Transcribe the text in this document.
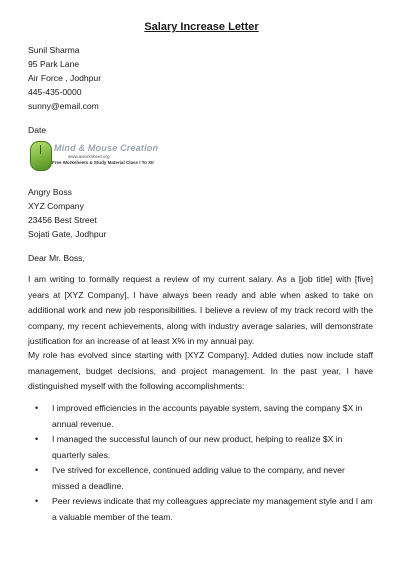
Salary Increase Letter
Sunil Sharma
95 Park Lane
Air Force , Jodhpur
445-435-0000
sunny@email.com
Date
Mind & Mouse Creation
www.aworksheet.org
Free Worksheets & Study Material Class I To XII
Angry Boss
XYZ Company
23456 Best Street
Sojati Gate, Jodhpur
Dear Mr. Boss,
I am writing to formally request a review of my current salary. As a [job title] with [five] years at [XYZ Company], I have always been ready and able when asked to take on additional work and new job responsibilities. I believe a review of my track record with the company, my recent achievements, along with industry average salaries, will demonstrate justification for an increase of at least X% in my annual pay.
My role has evolved since starting with [XYZ Company]. Added duties now include staff management, budget decisions, and project management. In the past year, I have distinguished myself with the following accomplishments:
• I improved efficiencies in the accounts payable system, saving the company $X in annual revenue.
• I managed the successful launch of our new product, helping to realize $X in quarterly sales.
• I've strived for excellence, continued adding value to the company, and never missed a deadline.
• Peer reviews indicate that my colleagues appreciate my management style and I am a valuable member of the team.
